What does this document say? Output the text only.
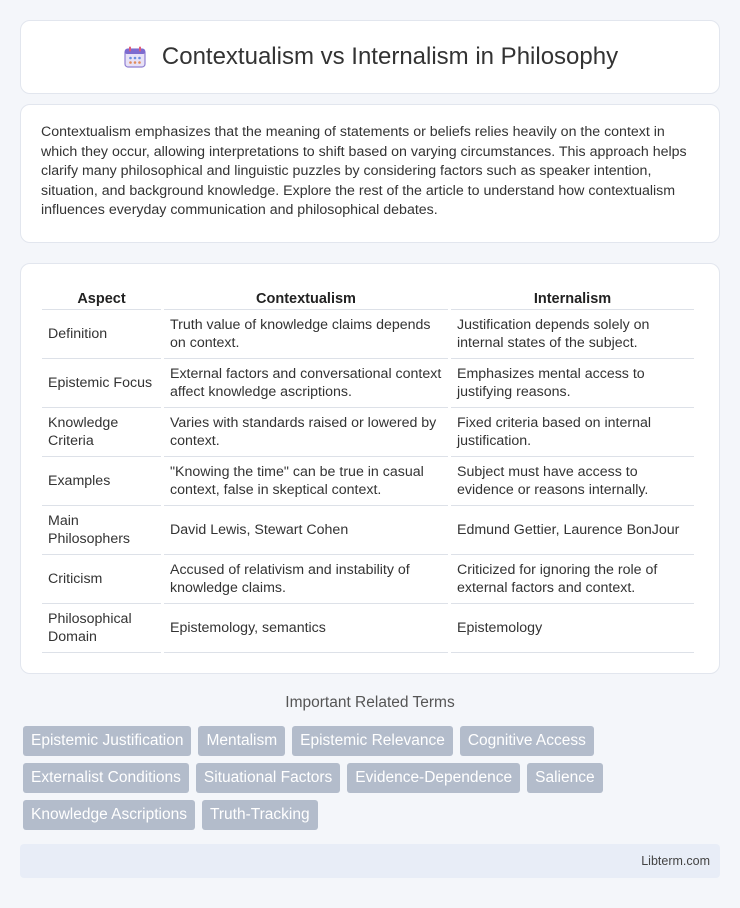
Contextualism vs Internalism in Philosophy

Contextualism emphasizes that the meaning of statements or beliefs relies heavily on the context in which they occur, allowing interpretations to shift based on varying circumstances. This approach helps clarify many philosophical and linguistic puzzles by considering factors such as speaker intention, situation, and background knowledge. Explore the rest of the article to understand how contextualism influences everyday communication and philosophical debates.

Aspect	Contextualism	Internalism
Definition	Truth value of knowledge claims depends on context.	Justification depends solely on internal states of the subject.
Epistemic Focus	External factors and conversational context affect knowledge ascriptions.	Emphasizes mental access to justifying reasons.
Knowledge Criteria	Varies with standards raised or lowered by context.	Fixed criteria based on internal justification.
Examples	"Knowing the time" can be true in casual context, false in skeptical context.	Subject must have access to evidence or reasons internally.
Main Philosophers	David Lewis, Stewart Cohen	Edmund Gettier, Laurence BonJour
Criticism	Accused of relativism and instability of knowledge claims.	Criticized for ignoring the role of external factors and context.
Philosophical Domain	Epistemology, semantics	Epistemology
Important Related Terms
Epistemic Justification	Mentalism	Epistemic Relevance	Cognitive Access
Externalist Conditions	Situational Factors	Evidence-Dependence	Salience
Knowledge Ascriptions	Truth-Tracking
Libterm.com
